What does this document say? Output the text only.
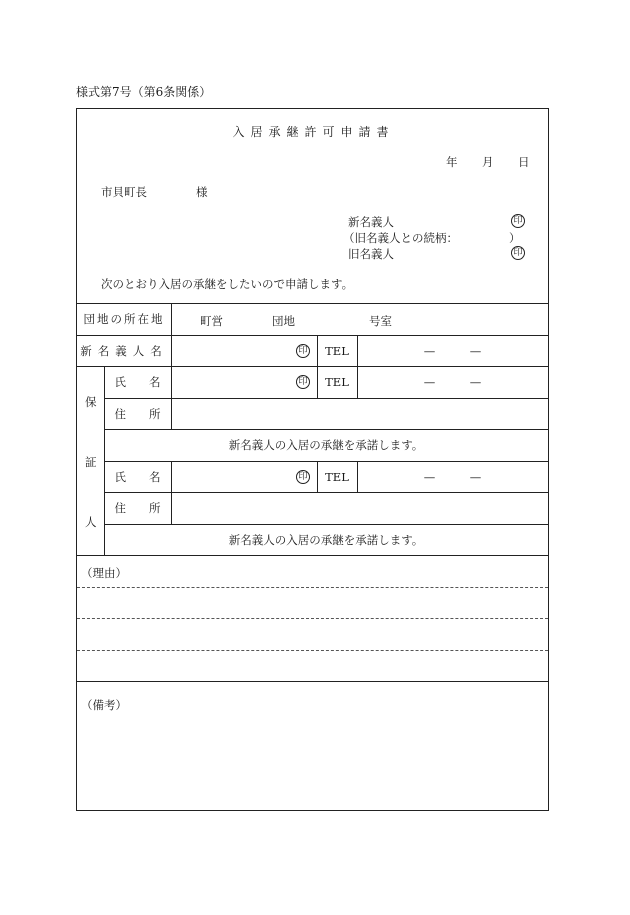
様式第7号（第6条関係）
入居承継許可申請書
年 月 日
市貝町長	様
新名義人	印
（旧名義人との続柄：	）
旧名義人	印
次のとおり入居の承継をしたいので申請します。
団地の所在地	町営	団地	号室
新名義人名	印	TEL	—　　　—
保
証
人
氏　　名	印	TEL	—　　　—
住　　所
新名義人の入居の承継を承諾します。
氏　　名	印	TEL	—　　　—
住　　所
新名義人の入居の承継を承諾します。
（理由）
（備考）
